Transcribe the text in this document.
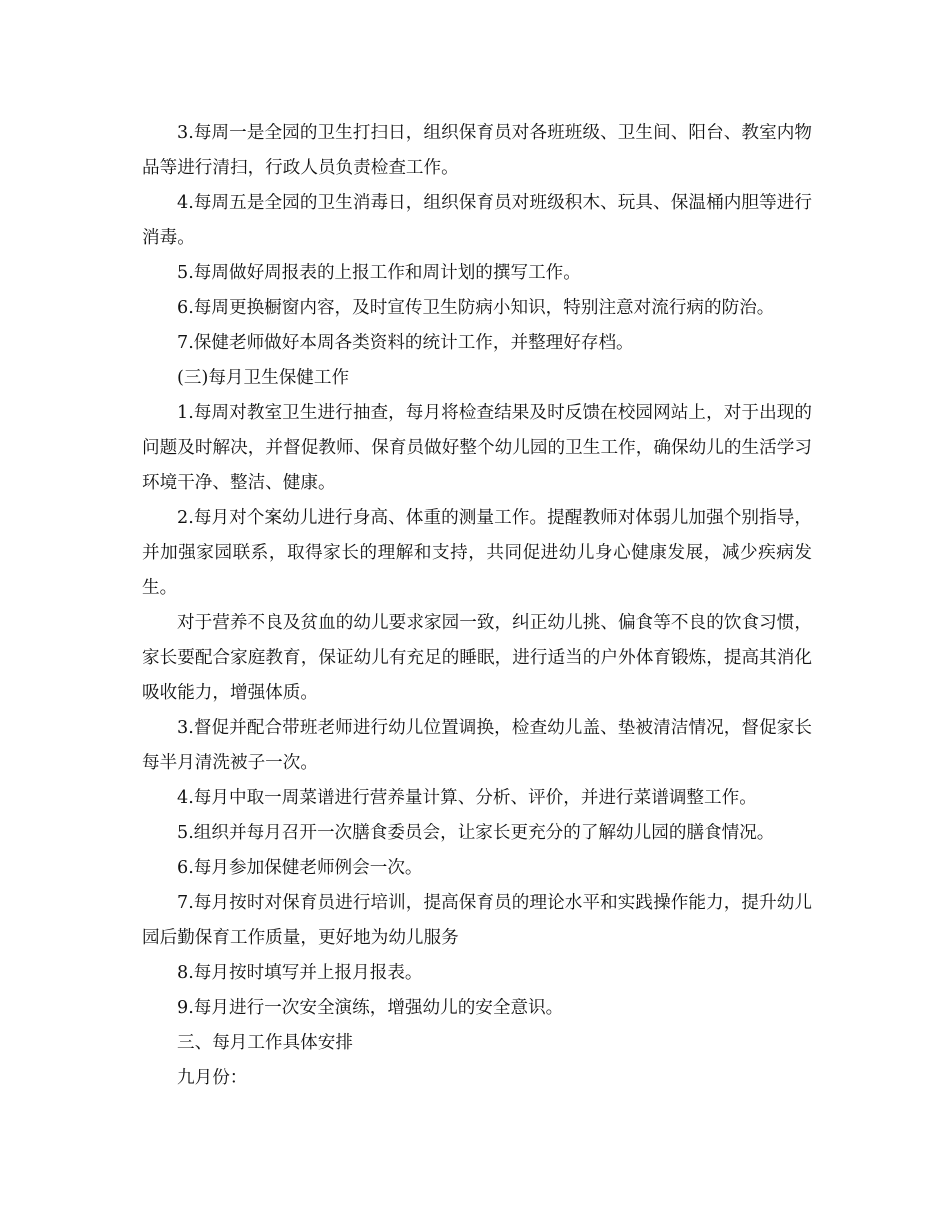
3.每周一是全园的卫生打扫日，组织保育员对各班班级、卫生间、阳台、教室内物品等进行清扫，行政人员负责检查工作。

4.每周五是全园的卫生消毒日，组织保育员对班级积木、玩具、保温桶内胆等进行消毒。

5.每周做好周报表的上报工作和周计划的撰写工作。

6.每周更换橱窗内容，及时宣传卫生防病小知识，特别注意对流行病的防治。

7.保健老师做好本周各类资料的统计工作，并整理好存档。

(三)每月卫生保健工作

1.每周对教室卫生进行抽查，每月将检查结果及时反馈在校园网站上，对于出现的问题及时解决，并督促教师、保育员做好整个幼儿园的卫生工作，确保幼儿的生活学习环境干净、整洁、健康。

2.每月对个案幼儿进行身高、体重的测量工作。提醒教师对体弱儿加强个别指导，并加强家园联系，取得家长的理解和支持，共同促进幼儿身心健康发展，减少疾病发生。

对于营养不良及贫血的幼儿要求家园一致，纠正幼儿挑、偏食等不良的饮食习惯，家长要配合家庭教育，保证幼儿有充足的睡眠，进行适当的户外体育锻炼，提高其消化吸收能力，增强体质。

3.督促并配合带班老师进行幼儿位置调换，检查幼儿盖、垫被清洁情况，督促家长每半月清洗被子一次。

4.每月中取一周菜谱进行营养量计算、分析、评价，并进行菜谱调整工作。

5.组织并每月召开一次膳食委员会，让家长更充分的了解幼儿园的膳食情况。

6.每月参加保健老师例会一次。

7.每月按时对保育员进行培训，提高保育员的理论水平和实践操作能力，提升幼儿园后勤保育工作质量，更好地为幼儿服务

8.每月按时填写并上报月报表。

9.每月进行一次安全演练，增强幼儿的安全意识。

三、每月工作具体安排

九月份：
